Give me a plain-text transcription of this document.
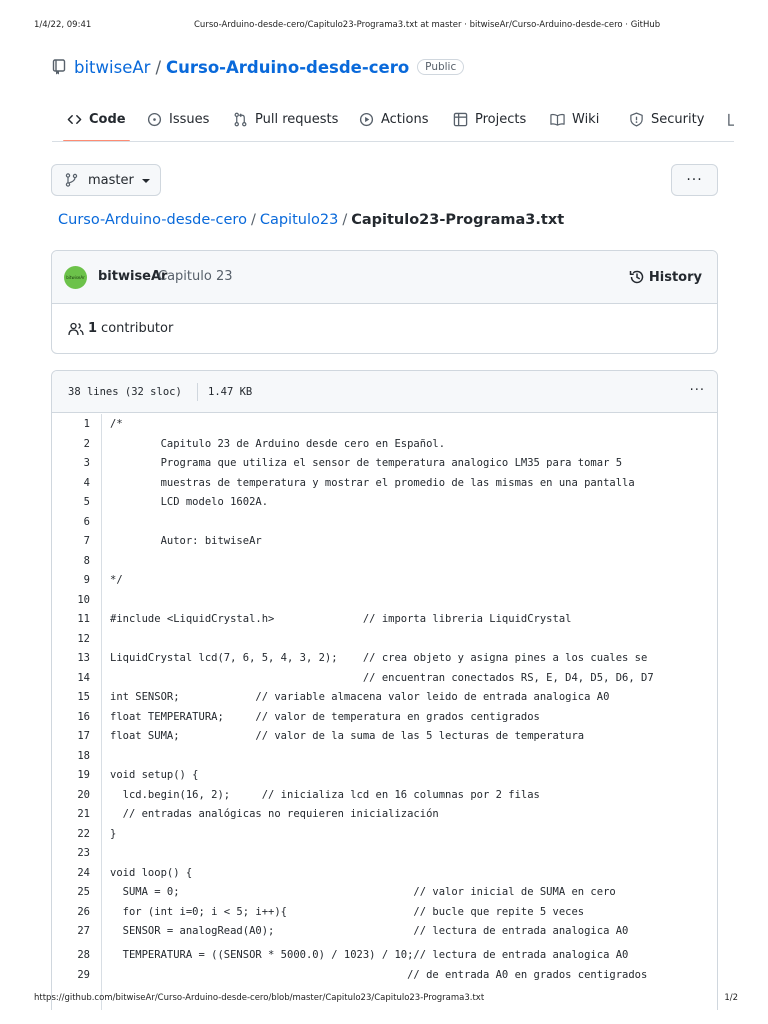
1/4/22, 09:41	Curso-Arduino-desde-cero/Capitulo23-Programa3.txt at master · bitwiseAr/Curso-Arduino-desde-cero · GitHub
bitwiseAr / Curso-Arduino-desde-cero	Public
Code	Issues	Pull requests	Actions	Projects	Wiki	Security
master	···
Curso-Arduino-desde-cero / Capitulo23 / Capitulo23-Programa3.txt
bitwiseAr bitwiseAr
Capitulo 23	History
1 contributor
38 lines (32 sloc) 1.47 KB	···
1 /*
2 Capitulo 23 de Arduino desde cero en Español.
3 Programa que utiliza el sensor de temperatura analogico LM35 para tomar 5
4 muestras de temperatura y mostrar el promedio de las mismas en una pantalla
5 LCD modelo 1602A.
6
7 Autor: bitwiseAr
8
9 */
10
11 #include <LiquidCrystal.h>              // importa libreria LiquidCrystal
12
13 LiquidCrystal lcd(7, 6, 5, 4, 3, 2);    // crea objeto y asigna pines a los cuales se
14 // encuentran conectados RS, E, D4, D5, D6, D7
15 int SENSOR;            // variable almacena valor leido de entrada analogica A0
16 float TEMPERATURA;     // valor de temperatura en grados centigrados
17 float SUMA;            // valor de la suma de las 5 lecturas de temperatura
18
19 void setup() {
20 lcd.begin(16, 2);     // inicializa lcd en 16 columnas por 2 filas
21 // entradas analógicas no requieren inicialización
22 }
23
24 void loop() {
25 SUMA = 0;                                     // valor inicial de SUMA en cero
26 for (int i=0; i < 5; i++){                    // bucle que repite 5 veces
27 SENSOR = analogRead(A0);                      // lectura de entrada analogica A0
28 TEMPERATURA = ((SENSOR * 5000.0) / 1023) / 10;// lectura de entrada analogica A0
29 // de entrada A0 en grados centigrados
https://github.com/bitwiseAr/Curso-Arduino-desde-cero/blob/master/Capitulo23/Capitulo23-Programa3.txt	1/2
